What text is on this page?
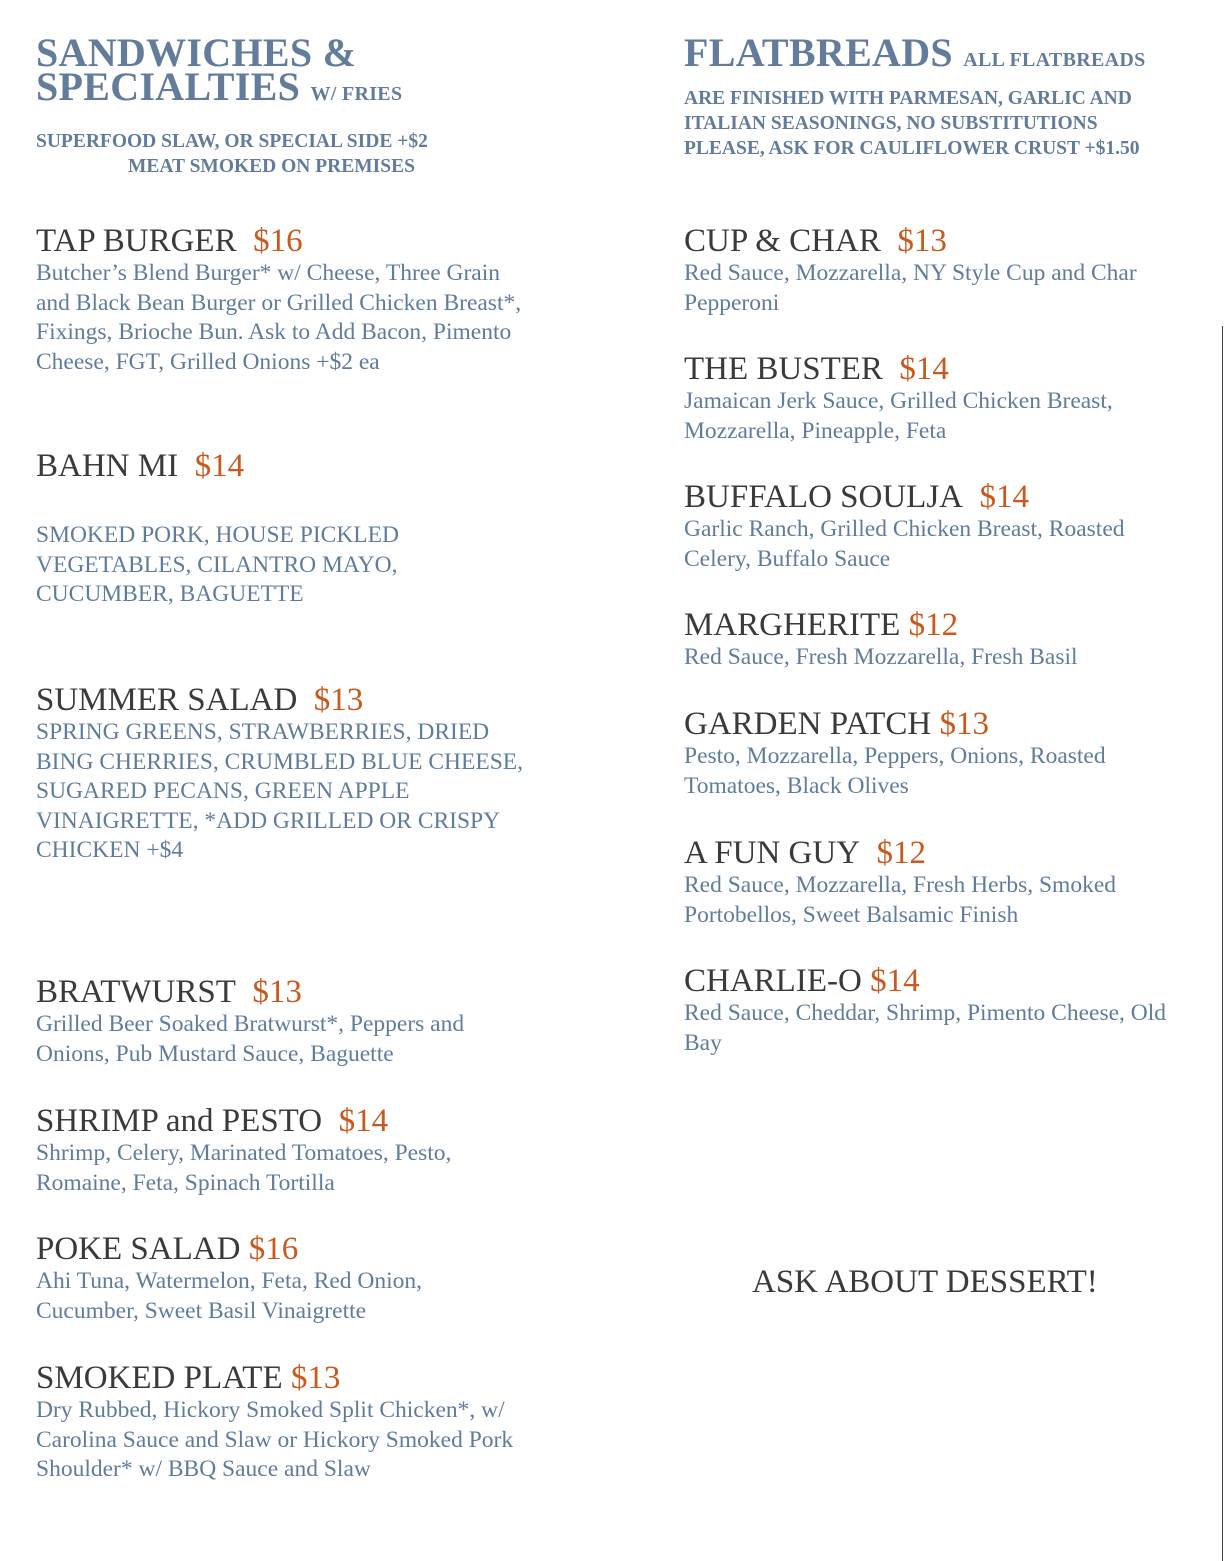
SANDWICHES &
SPECIALTIES W/ FRIES
SUPERFOOD SLAW, OR SPECIAL SIDE +$2
MEAT SMOKED ON PREMISES
TAP BURGER $16
Butcher’s Blend Burger* w/ Cheese, Three Grain and Black Bean Burger or Grilled Chicken Breast*, Fixings, Brioche Bun. Ask to Add Bacon, Pimento Cheese, FGT, Grilled Onions +$2 ea
BAHN MI $14
SMOKED PORK, HOUSE PICKLED VEGETABLES, CILANTRO MAYO, CUCUMBER, BAGUETTE
SUMMER SALAD $13
SPRING GREENS, STRAWBERRIES, DRIED BING CHERRIES, CRUMBLED BLUE CHEESE, SUGARED PECANS, GREEN APPLE VINAIGRETTE, *ADD GRILLED OR CRISPY CHICKEN +$4
BRATWURST $13
Grilled Beer Soaked Bratwurst*, Peppers and Onions, Pub Mustard Sauce, Baguette
SHRIMP and PESTO $14
Shrimp, Celery, Marinated Tomatoes, Pesto, Romaine, Feta, Spinach Tortilla
POKE SALAD $16
Ahi Tuna, Watermelon, Feta, Red Onion, Cucumber, Sweet Basil Vinaigrette
SMOKED PLATE $13
Dry Rubbed, Hickory Smoked Split Chicken*, w/ Carolina Sauce and Slaw or Hickory Smoked Pork Shoulder* w/ BBQ Sauce and Slaw
FLATBREADS ALL FLATBREADS
ARE FINISHED WITH PARMESAN, GARLIC AND ITALIAN SEASONINGS, NO SUBSTITUTIONS PLEASE, ASK FOR CAULIFLOWER CRUST +$1.50
CUP & CHAR $13
Red Sauce, Mozzarella, NY Style Cup and Char Pepperoni
THE BUSTER $14
Jamaican Jerk Sauce, Grilled Chicken Breast, Mozzarella, Pineapple, Feta
BUFFALO SOULJA $14
Garlic Ranch, Grilled Chicken Breast, Roasted Celery, Buffalo Sauce
MARGHERITE $12
Red Sauce, Fresh Mozzarella, Fresh Basil
GARDEN PATCH $13
Pesto, Mozzarella, Peppers, Onions, Roasted Tomatoes, Black Olives
A FUN GUY $12
Red Sauce, Mozzarella, Fresh Herbs, Smoked Portobellos, Sweet Balsamic Finish
CHARLIE-O $14
Red Sauce, Cheddar, Shrimp, Pimento Cheese, Old Bay
ASK ABOUT DESSERT!
